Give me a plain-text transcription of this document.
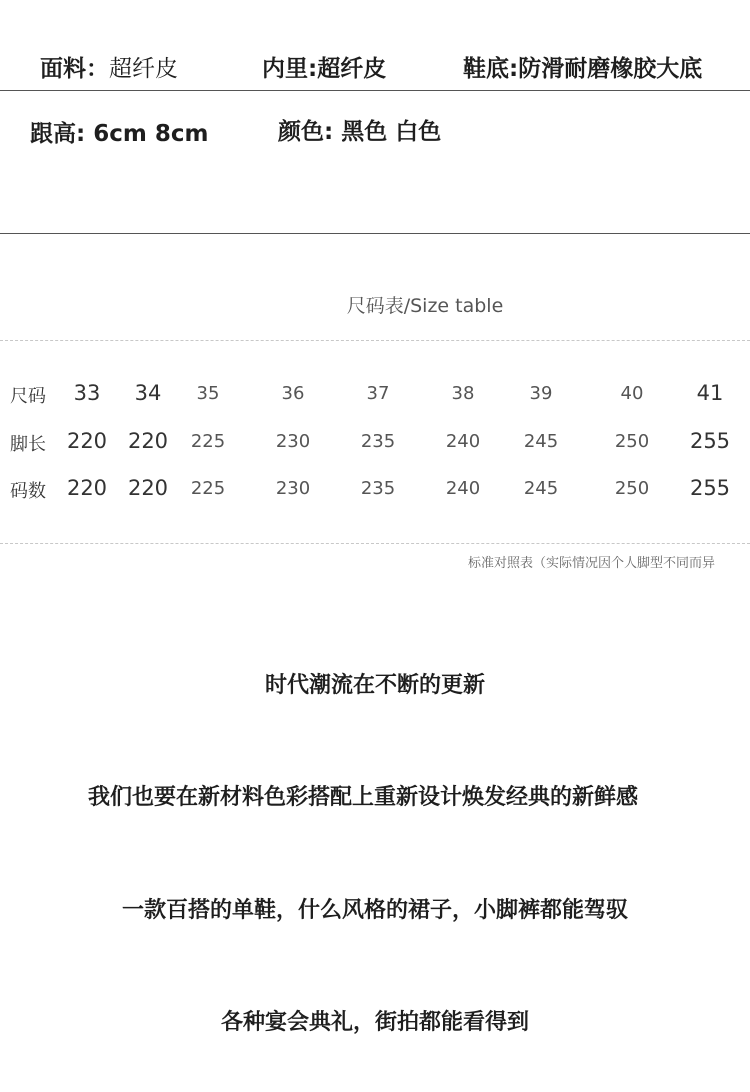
面料：超纤皮	内里:超纤皮	鞋底:防滑耐磨橡胶大底
跟高: 6cm 8cm	颜色: 黑色 白色
尺码表/Size table
尺码	33	34	35	36	37	38	39	40	41
脚长 220 220	225	230	235	240	245	250	255
码数 220 220	225	230	235	240	245	250	255
标准对照表（实际情况因个人脚型不同而异
时代潮流在不断的更新
我们也要在新材料色彩搭配上重新设计焕发经典的新鲜感
一款百搭的单鞋，什么风格的裙子，小脚裤都能驾驭
各种宴会典礼，街拍都能看得到
